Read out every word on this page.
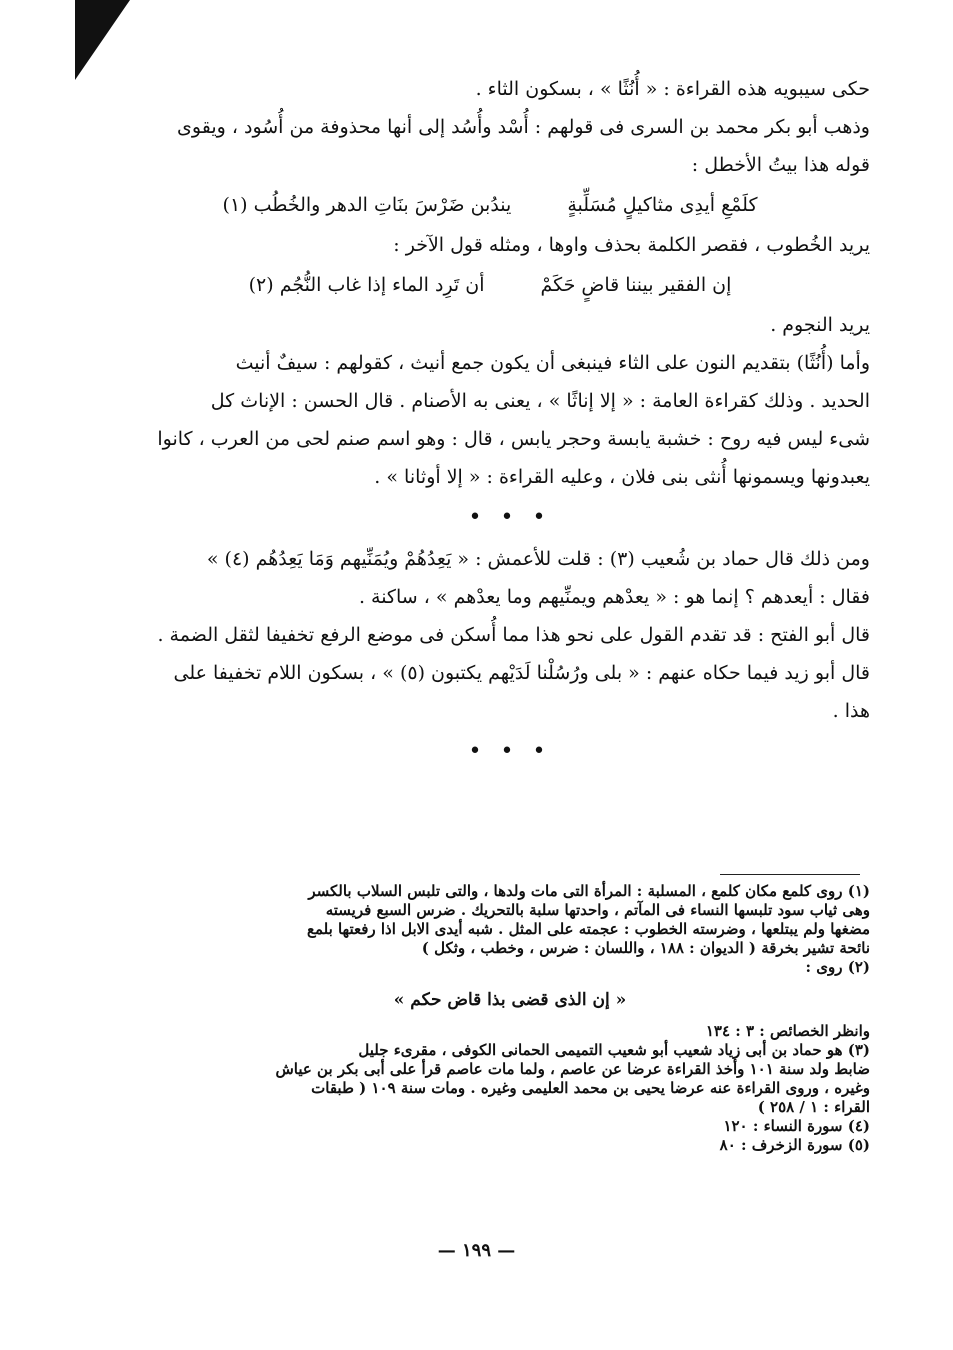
حكى سيبويه هذه القراءة : « أُنُثًا » ، بسكون الثاء .

وذهب أبو بكر محمد بن السرى فى قولهم : أُسْد وأُسُد إلى أنها محذوفة من أُسُود ، ويقوى

قوله هذا بيتُ الأخطل :

كلَمْعِ أيدِى مثاكيلٍ مُسَلِّبةٍ
يندُبن ضَرْسَ بنَاتِ الدهر والخُطُب (١)

يريد الخُطوب ، فقصر الكلمة بحذف واوها ، ومثله قول الآخر :

إن الفقير بيننا قاضٍ حَكَمْ
أن تَرِد الماء إذا غاب النُّجُم (٢)

يريد النجوم .

وأما (أُنُثًا) بتقديم النون على الثاء فينبغى أن يكون جمع أنيث ، كقولهم : سيفٌ أنيث

الحديد . وذلك كقراءة العامة : « إلا إناثًا » ، يعنى به الأصنام . قال الحسن : الإناث كل

شىء ليس فيه روح : خشبة يابسة وحجر يابس ، قال : وهو اسم صنم لحى من العرب ، كانوا

يعبدونها ويسمونها أُنثى بنى فلان ، وعليه القراءة : « إلا أوثانا » .

• • •

ومن ذلك قال حماد بن شُعيب (٣) : قلت للأعمش : « يَعِدُهُمْ ويُمَنِّيهم وَمَا يَعِدُهُم (٤) »

فقال : أيعدهم ؟ إنما هو : « يعدْهم ويمنِّيهم وما يعدْهم » ، ساكنة .

قال أبو الفتح : قد تقدم القول على نحو هذا مما أُسكن فى موضع الرفع تخفيفا لثقل الضمة .

قال أبو زيد فيما حكاه عنهم : « بلى ورُسُلْنا لَدَيْهم يكتبون (٥) » ، بسكون اللام تخفيفا على

هذا .

• • •

(١) روى كلمع مكان كلمع ، المسلبة : المرأة التى مات ولدها ، والتى تلبس السلاب بالكسر

وهى ثياب سود تلبسها النساء فى المآتم ، واحدتها سلبة بالتحريك . ضرس السبع فريسته

مضغها ولم يبتلعها ، وضرسته الخطوب : عجمته على المثل . شبه أيدى الابل اذا رفعتها بلمع

نائحة تشير بخرقة ( الديوان : ١٨٨ ، واللسان : ضرس ، وخطب ، وثكل )

(٢) روى :

« إن الذى قضى بذا قاض حكم »

وانظر الخصائص : ٣ : ١٣٤

(٣) هو حماد بن أبى زياد شعيب أبو شعيب التميمى الحمانى الكوفى ، مقرىء جليل

ضابط ولد سنة ١٠١ وأخذ القراءة عرضا عن عاصم ، ولما مات عاصم قرأ على أبى بكر بن عياش

وغيره ، وروى القراءة عنه عرضا يحيى بن محمد العليمى وغيره . ومات سنة ١٠٩ ( طبقات

القراء : ١ / ٢٥٨ )

(٤) سورة النساء : ١٢٠

(٥) سورة الزخرف : ٨٠

— ١٩٩ —
